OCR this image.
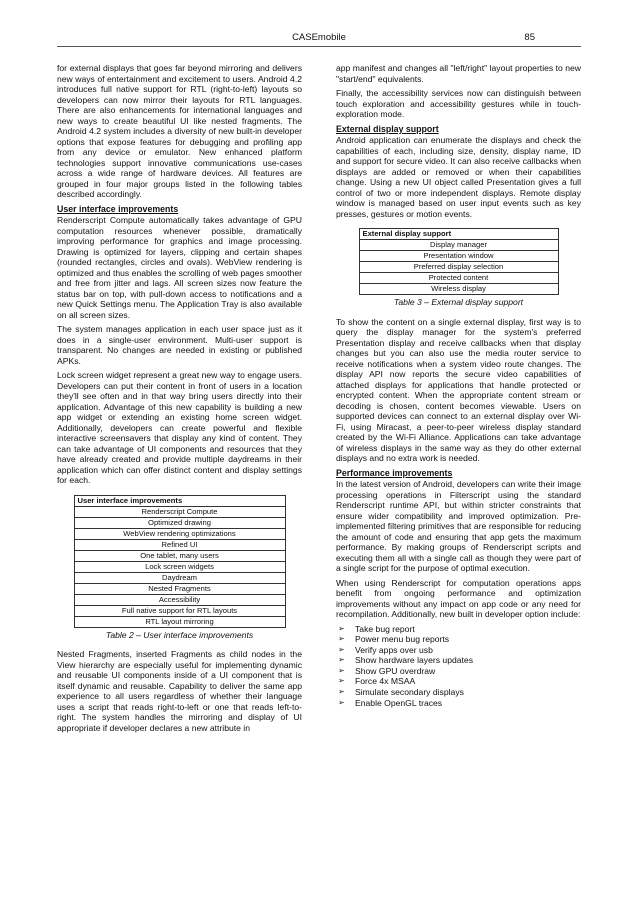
CASEmobile	85

for external displays that goes far beyond mirroring and delivers new ways of entertainment and excitement to users. Android 4.2 introduces full native support for RTL (right-to-left) layouts so developers can now mirror their layouts for RTL languages. There are also enhancements for international languages and new ways to create beautiful UI like nested fragments. The Android 4.2 system includes a diversity of new built-in developer options that expose features for debugging and profiling app from any device or emulator. New enhanced platform technologies support innovative communications use-cases across a wide range of hardware devices. All features are grouped in four major groups listed in the following tables described accordingly.

User interface improvements

Renderscript Compute automatically takes advantage of GPU computation resources whenever possible, dramatically improving performance for graphics and image processing. Drawing is optimized for layers, clipping and certain shapes (rounded rectangles, circles and ovals). WebView rendering is optimized and thus enables the scrolling of web pages smoother and free from jitter and lags. All screen sizes now feature the status bar on top, with pull-down access to notifications and a new Quick Settings menu. The Application Tray is also available on all screen sizes.

The system manages application in each user space just as it does in a single-user environment. Multi-user support is transparent. No changes are needed in existing or published APKs.

Lock screen widget represent a great new way to engage users. Developers can put their content in front of users in a location they'll see often and in that way bring users directly into their application. Advantage of this new capability is building a new app widget or extending an existing home screen widget. Additionally, developers can create powerful and flexible interactive screensavers that display any kind of content. They can take advantage of UI components and resources that they have already created and provide multiple daydreams in their application which can offer distinct content and display settings for each.

User interface improvements
Renderscript Compute
Optimized drawing
WebView rendering optimizations
Refined UI
One tablet, many users
Lock screen widgets
Daydream
Nested Fragments
Accessibility
Full native support for RTL layouts
RTL layout mirroring
Table 2 – User interface improvements

Nested Fragments, inserted Fragments as child nodes in the View hierarchy are especially useful for implementing dynamic and reusable UI components inside of a UI component that is itself dynamic and reusable. Capability to deliver the same app experience to all users regardless of whether their language uses a script that reads right-to-left or one that reads left-to-right. The system handles the mirroring and display of UI appropriate if developer declares a new attribute in

app manifest and changes all "left/right" layout properties to new "start/end" equivalents.

Finally, the accessibility services now can distinguish between touch exploration and accessibility gestures while in touch-exploration mode.

External display support

Android application can enumerate the displays and check the capabilities of each, including size, density, display name, ID and support for secure video. It can also receive callbacks when displays are added or removed or when their capabilities change. Using a new UI object called Presentation gives a full control of two or more independent displays. Remote display window is managed based on user input events such as key presses, gestures or motion events.

External display support
Display manager
Presentation window
Preferred display selection
Protected content
Wireless display
Table 3 – External display support

To show the content on a single external display, first way is to query the display manager for the system's preferred Presentation display and receive callbacks when that display changes but you can also use the media router service to receive notifications when a system video route changes. The display API now reports the secure video capabilities of attached displays for applications that handle protected or encrypted content. When the appropriate content stream or decoding is chosen, content becomes viewable. Users on supported devices can connect to an external display over Wi-Fi, using Miracast, a peer-to-peer wireless display standard created by the Wi-Fi Alliance. Applications can take advantage of wireless displays in the same way as they do other external displays and no extra work is needed.

Performance improvements

In the latest version of Android, developers can write their image processing operations in Filterscript using the standard Renderscript runtime API, but within stricter constraints that ensure wider compatibility and improved optimization. Pre-implemented filtering primitives that are responsible for reducing the amount of code and ensuring that app gets the maximum performance. By making groups of Renderscript scripts and executing them all with a single call as though they were part of a single script for the purpose of optimal execution.

When using Renderscript for computation operations apps benefit from ongoing performance and optimization improvements without any impact on app code or any need for recompilation. Additionally, new built in developer option include:

➢ Take bug report
➢ Power menu bug reports
➢ Verify apps over usb
➢ Show hardware layers updates
➢ Show GPU overdraw
➢ Force 4x MSAA
➢ Simulate secondary displays
➢ Enable OpenGL traces
